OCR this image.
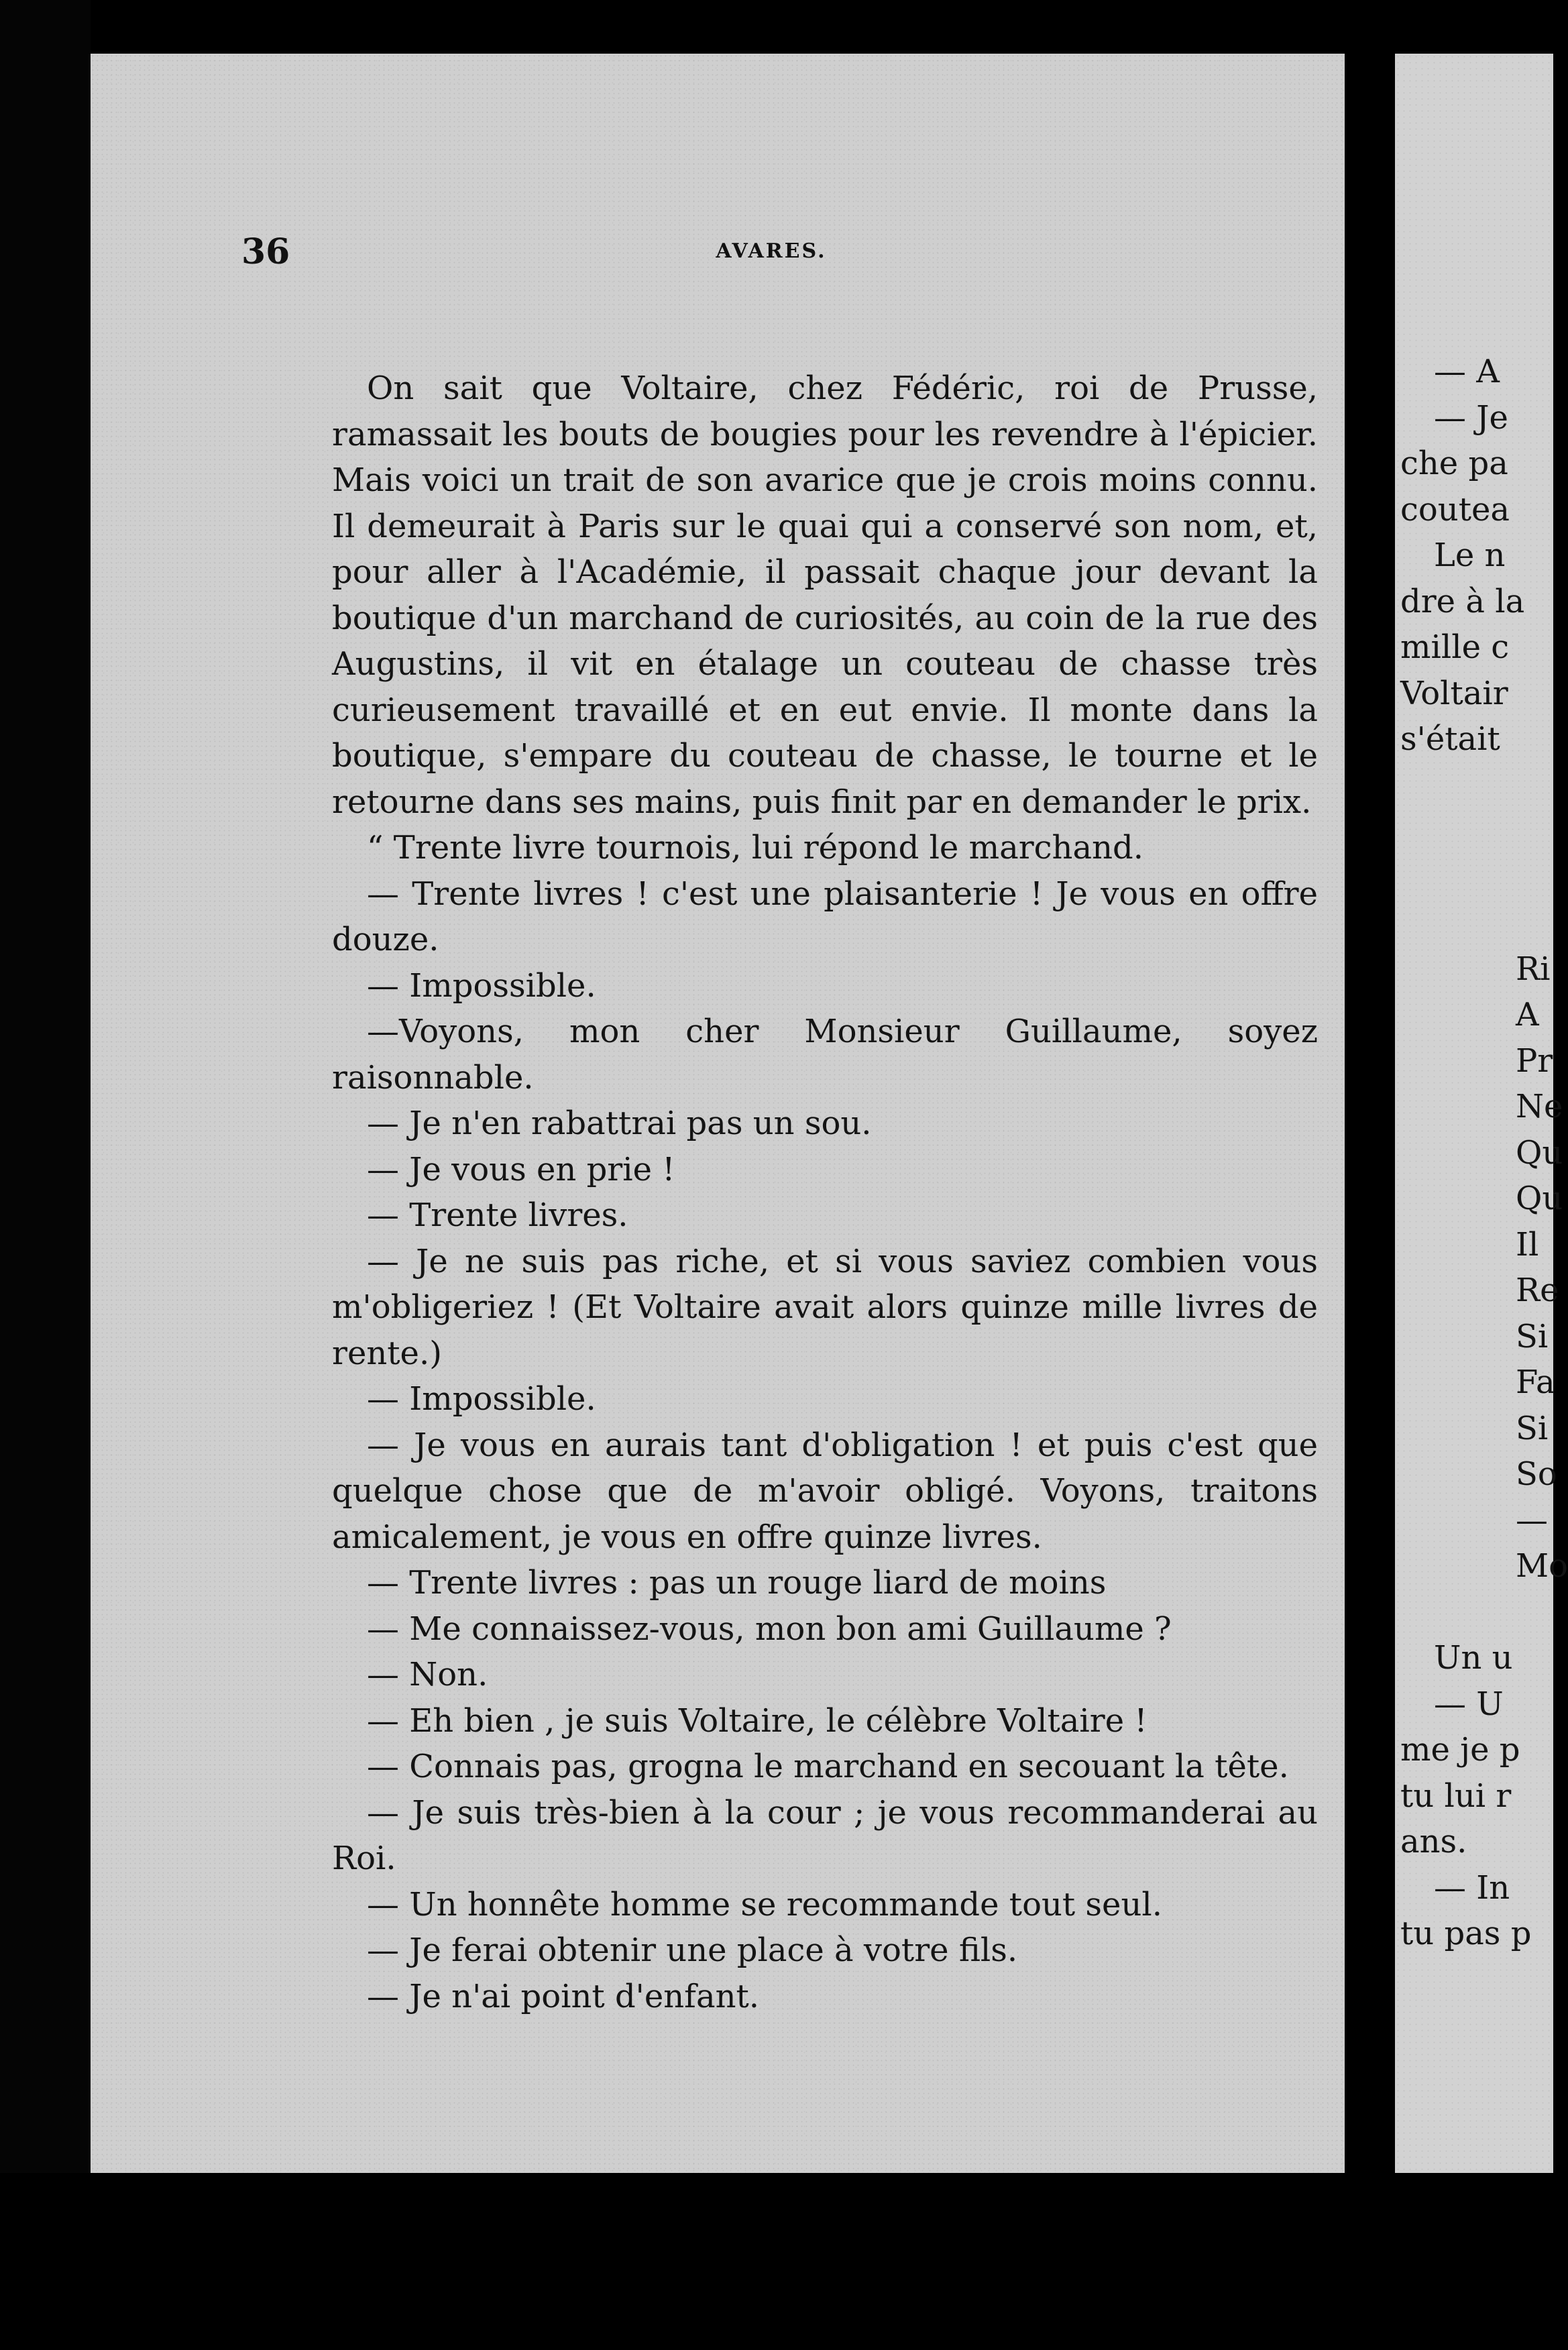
36	AVARES.
On sait que Voltaire, chez Fédéric, roi de Prusse, ramassait les bouts de bougies pour les revendre à l'épicier. Mais voici un trait de son avarice que je crois moins connu. Il demeurait à Paris sur le quai qui a conservé son nom, et, pour aller à l'Académie, il passait chaque jour devant la boutique d'un marchand de curiosités, au coin de la rue des Augustins, il vit en étalage un couteau de chasse très curieusement travaillé et en eut envie. Il monte dans la boutique, s'empare du couteau de chasse, le tourne et le retourne dans ses mains, puis finit par en demander le prix.
“ Trente livre tournois, lui répond le marchand.
— Trente livres ! c'est une plaisanterie ! Je vous en offre douze.
— Impossible.
—Voyons, mon cher Monsieur Guillaume, soyez raisonnable.
— Je n'en rabattrai pas un sou.
— Je vous en prie !
— Trente livres.
— Je ne suis pas riche, et si vous saviez combien vous m'obligeriez ! (Et Voltaire avait alors quinze mille livres de rente.)
— Impossible.
— Je vous en aurais tant d'obligation ! et puis c'est que quelque chose que de m'avoir obligé. Voyons, traitons amicalement, je vous en offre quinze livres.
— Trente livres : pas un rouge liard de moins
— Me connaissez-vous, mon bon ami Guillaume ?
— Non.
— Eh bien , je suis Voltaire, le célèbre Voltaire !
— Connais pas, grogna le marchand en secouant la tête.
— Je suis très-bien à la cour ; je vous recommanderai au Roi.
— Un honnête homme se recommande tout seul.
— Je ferai obtenir une place à votre fils.
— Je n'ai point d'enfant.
— A
— Je
che pa
coutea
Le n
dre à la
mille c
Voltair
s'était
Ri
A
Pr
Ne
Qu
Qu
Il
Re
Si
Fa
Si
So
—
Mo
Un u
— U
me je p
tu lui r
ans.
— In
tu pas p
